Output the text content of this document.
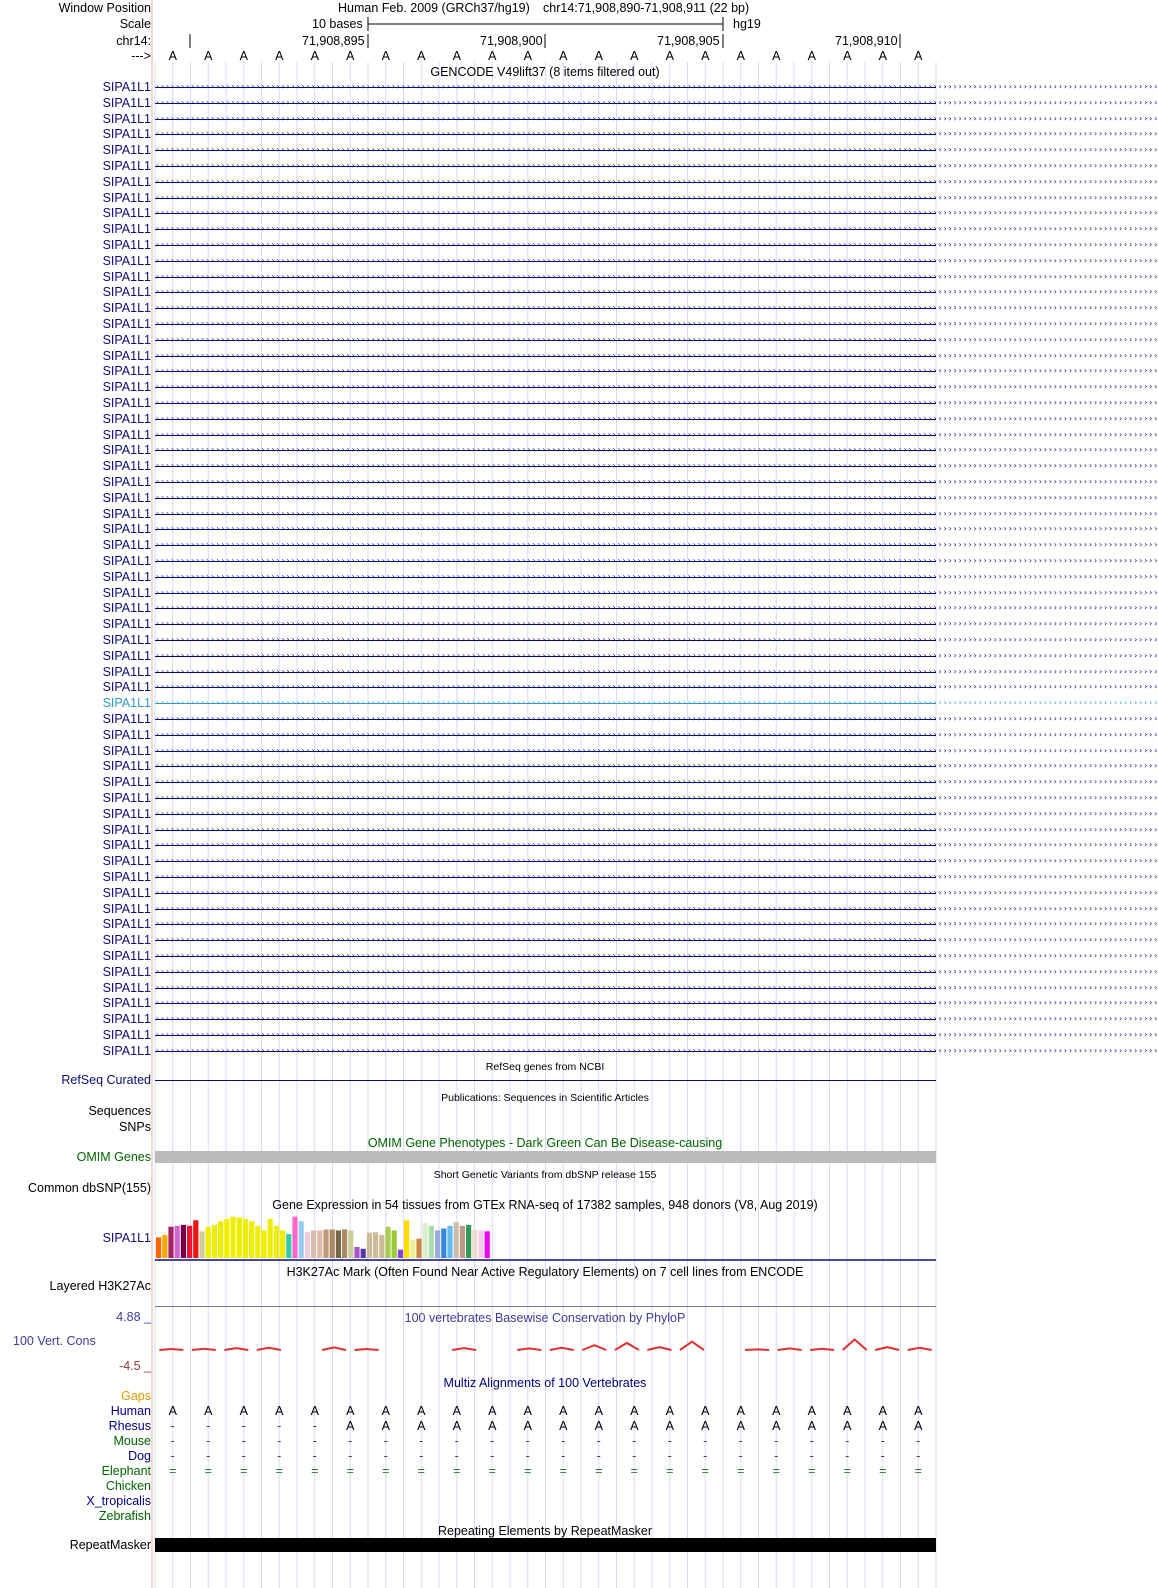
Window Position	Human Feb. 2009 (GRCh37/hg19) chr14:71,908,890-71,908,911 (22 bp)
Scale	10 bases	hg19
chr14:	71,908,895	71,908,900	71,908,905	71,908,910
--->	A	A	A	A	A	A	A	A	A	A	A	A	A	A	A	A	A	A	A	A	A	A
GENCODE V49lift37 (8 items filtered out)
SIPA1L1 ››››››››››››››››››››››››››››››››››››››››››››››››››››››››››››››››››››››››››››››››››››››››››››››››››››››››››››››››››››››››››››››››››››››››››››››››››››››››››››››››››››››››››››››››››››››››››››››››››››››››
SIPA1L1 ››››››››››››››››››››››››››››››››››››››››››››››››››››››››››››››››››››››››››››››››››››››››››››››››››››››››››››››››››››››››››››››››››››››››››››››››››››››››››››››››››››››››››››››››››››››››››››››››››››››››
SIPA1L1 ››››››››››››››››››››››››››››››››››››››››››››››››››››››››››››››››››››››››››››››››››››››››››››››››››››››››››››››››››››››››››››››››››››››››››››››››››››››››››››››››››››››››››››››››››››››››››››››››››››››››
SIPA1L1 ››››››››››››››››››››››››››››››››››››››››››››››››››››››››››››››››››››››››››››››››››››››››››››››››››››››››››››››››››››››››››››››››››››››››››››››››››››››››››››››››››››››››››››››››››››››››››››››››››››››››
SIPA1L1 ››››››››››››››››››››››››››››››››››››››››››››››››››››››››››››››››››››››››››››››››››››››››››››››››››››››››››››››››››››››››››››››››››››››››››››››››››››››››››››››››››››››››››››››››››››››››››››››››››››››››
SIPA1L1 ››››››››››››››››››››››››››››››››››››››››››››››››››››››››››››››››››››››››››››››››››››››››››››››››››››››››››››››››››››››››››››››››››››››››››››››››››››››››››››››››››››››››››››››››››››››››››››››››››››››››
SIPA1L1 ››››››››››››››››››››››››››››››››››››››››››››››››››››››››››››››››››››››››››››››››››››››››››››››››››››››››››››››››››››››››››››››››››››››››››››››››››››››››››››››››››››››››››››››››››››››››››››››››››››››››
SIPA1L1 ››››››››››››››››››››››››››››››››››››››››››››››››››››››››››››››››››››››››››››››››››››››››››››››››››››››››››››››››››››››››››››››››››››››››››››››››››››››››››››››››››››››››››››››››››››››››››››››››››››››››
SIPA1L1 ››››››››››››››››››››››››››››››››››››››››››››››››››››››››››››››››››››››››››››››››››››››››››››››››››››››››››››››››››››››››››››››››››››››››››››››››››››››››››››››››››››››››››››››››››››››››››››››››››››››››
SIPA1L1 ››››››››››››››››››››››››››››››››››››››››››››››››››››››››››››››››››››››››››››››››››››››››››››››››››››››››››››››››››››››››››››››››››››››››››››››››››››››››››››››››››››››››››››››››››››››››››››››››››››››››
SIPA1L1 ››››››››››››››››››››››››››››››››››››››››››››››››››››››››››››››››››››››››››››››››››››››››››››››››››››››››››››››››››››››››››››››››››››››››››››››››››››››››››››››››››››››››››››››››››››››››››››››››››››››››
SIPA1L1 ››››››››››››››››››››››››››››››››››››››››››››››››››››››››››››››››››››››››››››››››››››››››››››››››››››››››››››››››››››››››››››››››››››››››››››››››››››››››››››››››››››››››››››››››››››››››››››››››››››››››
SIPA1L1 ››››››››››››››››››››››››››››››››››››››››››››››››››››››››››››››››››››››››››››››››››››››››››››››››››››››››››››››››››››››››››››››››››››››››››››››››››››››››››››››››››››››››››››››››››››››››››››››››››››››››
SIPA1L1 ››››››››››››››››››››››››››››››››››››››››››››››››››››››››››››››››››››››››››››››››››››››››››››››››››››››››››››››››››››››››››››››››››››››››››››››››››››››››››››››››››››››››››››››››››››››››››››››››››››››››
SIPA1L1 ››››››››››››››››››››››››››››››››››››››››››››››››››››››››››››››››››››››››››››››››››››››››››››››››››››››››››››››››››››››››››››››››››››››››››››››››››››››››››››››››››››››››››››››››››››››››››››››››››››››››
SIPA1L1 ››››››››››››››››››››››››››››››››››››››››››››››››››››››››››››››››››››››››››››››››››››››››››››››››››››››››››››››››››››››››››››››››››››››››››››››››››››››››››››››››››››››››››››››››››››››››››››››››››››››››
SIPA1L1 ››››››››››››››››››››››››››››››››››››››››››››››››››››››››››››››››››››››››››››››››››››››››››››››››››››››››››››››››››››››››››››››››››››››››››››››››››››››››››››››››››››››››››››››››››››››››››››››››››››››››
SIPA1L1 ››››››››››››››››››››››››››››››››››››››››››››››››››››››››››››››››››››››››››››››››››››››››››››››››››››››››››››››››››››››››››››››››››››››››››››››››››››››››››››››››››››››››››››››››››››››››››››››››››››››››
SIPA1L1 ››››››››››››››››››››››››››››››››››››››››››››››››››››››››››››››››››››››››››››››››››››››››››››››››››››››››››››››››››››››››››››››››››››››››››››››››››››››››››››››››››››››››››››››››››››››››››››››››››››››››
SIPA1L1 ››››››››››››››››››››››››››››››››››››››››››››››››››››››››››››››››››››››››››››››››››››››››››››››››››››››››››››››››››››››››››››››››››››››››››››››››››››››››››››››››››››››››››››››››››››››››››››››››››››››››
SIPA1L1 ››››››››››››››››››››››››››››››››››››››››››››››››››››››››››››››››››››››››››››››››››››››››››››››››››››››››››››››››››››››››››››››››››››››››››››››››››››››››››››››››››››››››››››››››››››››››››››››››››››››››
SIPA1L1 ››››››››››››››››››››››››››››››››››››››››››››››››››››››››››››››››››››››››››››››››››››››››››››››››››››››››››››››››››››››››››››››››››››››››››››››››››››››››››››››››››››››››››››››››››››››››››››››››››››››››
SIPA1L1 ››››››››››››››››››››››››››››››››››››››››››››››››››››››››››››››››››››››››››››››››››››››››››››››››››››››››››››››››››››››››››››››››››››››››››››››››››››››››››››››››››››››››››››››››››››››››››››››››››››››››
SIPA1L1 ››››››››››››››››››››››››››››››››››››››››››››››››››››››››››››››››››››››››››››››››››››››››››››››››››››››››››››››››››››››››››››››››››››››››››››››››››››››››››››››››››››››››››››››››››››››››››››››››››››››››
SIPA1L1 ››››››››››››››››››››››››››››››››››››››››››››››››››››››››››››››››››››››››››››››››››››››››››››››››››››››››››››››››››››››››››››››››››››››››››››››››››››››››››››››››››››››››››››››››››››››››››››››››››››››››
SIPA1L1 ››››››››››››››››››››››››››››››››››››››››››››››››››››››››››››››››››››››››››››››››››››››››››››››››››››››››››››››››››››››››››››››››››››››››››››››››››››››››››››››››››››››››››››››››››››››››››››››››››››››››
SIPA1L1 ››››››››››››››››››››››››››››››››››››››››››››››››››››››››››››››››››››››››››››››››››››››››››››››››››››››››››››››››››››››››››››››››››››››››››››››››››››››››››››››››››››››››››››››››››››››››››››››››››››››››
SIPA1L1 ››››››››››››››››››››››››››››››››››››››››››››››››››››››››››››››››››››››››››››››››››››››››››››››››››››››››››››››››››››››››››››››››››››››››››››››››››››››››››››››››››››››››››››››››››››››››››››››››››››››››
SIPA1L1 ››››››››››››››››››››››››››››››››››››››››››››››››››››››››››››››››››››››››››››››››››››››››››››››››››››››››››››››››››››››››››››››››››››››››››››››››››››››››››››››››››››››››››››››››››››››››››››››››››››››››
SIPA1L1 ››››››››››››››››››››››››››››››››››››››››››››››››››››››››››››››››››››››››››››››››››››››››››››››››››››››››››››››››››››››››››››››››››››››››››››››››››››››››››››››››››››››››››››››››››››››››››››››››››››››››
SIPA1L1 ››››››››››››››››››››››››››››››››››››››››››››››››››››››››››››››››››››››››››››››››››››››››››››››››››››››››››››››››››››››››››››››››››››››››››››››››››››››››››››››››››››››››››››››››››››››››››››››››››››››››
SIPA1L1 ››››››››››››››››››››››››››››››››››››››››››››››››››››››››››››››››››››››››››››››››››››››››››››››››››››››››››››››››››››››››››››››››››››››››››››››››››››››››››››››››››››››››››››››››››››››››››››››››››››››››
SIPA1L1 ››››››››››››››››››››››››››››››››››››››››››››››››››››››››››››››››››››››››››››››››››››››››››››››››››››››››››››››››››››››››››››››››››››››››››››››››››››››››››››››››››››››››››››››››››››››››››››››››››››››››
SIPA1L1 ››››››››››››››››››››››››››››››››››››››››››››››››››››››››››››››››››››››››››››››››››››››››››››››››››››››››››››››››››››››››››››››››››››››››››››››››››››››››››››››››››››››››››››››››››››››››››››››››››››››››
SIPA1L1 ››››››››››››››››››››››››››››››››››››››››››››››››››››››››››››››››››››››››››››››››››››››››››››››››››››››››››››››››››››››››››››››››››››››››››››››››››››››››››››››››››››››››››››››››››››››››››››››››››››››››
SIPA1L1 ››››››››››››››››››››››››››››››››››››››››››››››››››››››››››››››››››››››››››››››››››››››››››››››››››››››››››››››››››››››››››››››››››››››››››››››››››››››››››››››››››››››››››››››››››››››››››››››››››››››››
SIPA1L1 ››››››››››››››››››››››››››››››››››››››››››››››››››››››››››››››››››››››››››››››››››››››››››››››››››››››››››››››››››››››››››››››››››››››››››››››››››››››››››››››››››››››››››››››››››››››››››››››››››››››››
SIPA1L1 ››››››››››››››››››››››››››››››››››››››››››››››››››››››››››››››››››››››››››››››››››››››››››››››››››››››››››››››››››››››››››››››››››››››››››››››››››››››››››››››››››››››››››››››››››››››››››››››››››››››››
SIPA1L1 ››››››››››››››››››››››››››››››››››››››››››››››››››››››››››››››››››››››››››››››››››››››››››››››››››››››››››››››››››››››››››››››››››››››››››››››››››››››››››››››››››››››››››››››››››››››››››››››››››››››››
SIPA1L1 ››››››››››››››››››››››››››››››››››››››››››››››››››››››››››››››››››››››››››››››››››››››››››››››››››››››››››››››››››››››››››››››››››››››››››››››››››››››››››››››››››››››››››››››››››››››››››››››››››››››››
SIPA1L1 ››››››››››››››››››››››››››››››››››››››››››››››››››››››››››››››››››››››››››››››››››››››››››››››››››››››››››››››››››››››››››››››››››››››››››››››››››››››››››››››››››››››››››››››››››››››››››››››››››››››››
SIPA1L1 ››››››››››››››››››››››››››››››››››››››››››››››››››››››››››››››››››››››››››››››››››››››››››››››››››››››››››››››››››››››››››››››››››››››››››››››››››››››››››››››››››››››››››››››››››››››››››››››››››››››››
SIPA1L1 ››››››››››››››››››››››››››››››››››››››››››››››››››››››››››››››››››››››››››››››››››››››››››››››››››››››››››››››››››››››››››››››››››››››››››››››››››››››››››››››››››››››››››››››››››››››››››››››››››››››››
SIPA1L1 ››››››››››››››››››››››››››››››››››››››››››››››››››››››››››››››››››››››››››››››››››››››››››››››››››››››››››››››››››››››››››››››››››››››››››››››››››››››››››››››››››››››››››››››››››››››››››››››››››››››››
SIPA1L1 ››››››››››››››››››››››››››››››››››››››››››››››››››››››››››››››››››››››››››››››››››››››››››››››››››››››››››››››››››››››››››››››››››››››››››››››››››››››››››››››››››››››››››››››››››››››››››››››››››››››››
SIPA1L1 ››››››››››››››››››››››››››››››››››››››››››››››››››››››››››››››››››››››››››››››››››››››››››››››››››››››››››››››››››››››››››››››››››››››››››››››››››››››››››››››››››››››››››››››››››››››››››››››››››››››››
SIPA1L1 ››››››››››››››››››››››››››››››››››››››››››››››››››››››››››››››››››››››››››››››››››››››››››››››››››››››››››››››››››››››››››››››››››››››››››››››››››››››››››››››››››››››››››››››››››››››››››››››››››››››››
SIPA1L1 ››››››››››››››››››››››››››››››››››››››››››››››››››››››››››››››››››››››››››››››››››››››››››››››››››››››››››››››››››››››››››››››››››››››››››››››››››››››››››››››››››››››››››››››››››››››››››››››››››››››››
SIPA1L1 ››››››››››››››››››››››››››››››››››››››››››››››››››››››››››››››››››››››››››››››››››››››››››››››››››››››››››››››››››››››››››››››››››››››››››››››››››››››››››››››››››››››››››››››››››››››››››››››››››››››››
SIPA1L1 ››››››››››››››››››››››››››››››››››››››››››››››››››››››››››››››››››››››››››››››››››››››››››››››››››››››››››››››››››››››››››››››››››››››››››››››››››››››››››››››››››››››››››››››››››››››››››››››››››››››››
SIPA1L1 ››››››››››››››››››››››››››››››››››››››››››››››››››››››››››››››››››››››››››››››››››››››››››››››››››››››››››››››››››››››››››››››››››››››››››››››››››››››››››››››››››››››››››››››››››››››››››››››››››››››››
SIPA1L1 ››››››››››››››››››››››››››››››››››››››››››››››››››››››››››››››››››››››››››››››››››››››››››››››››››››››››››››››››››››››››››››››››››››››››››››››››››››››››››››››››››››››››››››››››››››››››››››››››››››››››
SIPA1L1 ››››››››››››››››››››››››››››››››››››››››››››››››››››››››››››››››››››››››››››››››››››››››››››››››››››››››››››››››››››››››››››››››››››››››››››››››››››››››››››››››››››››››››››››››››››››››››››››››››››››››
SIPA1L1 ››››››››››››››››››››››››››››››››››››››››››››››››››››››››››››››››››››››››››››››››››››››››››››››››››››››››››››››››››››››››››››››››››››››››››››››››››››››››››››››››››››››››››››››››››››››››››››››››››››››››
SIPA1L1 ››››››››››››››››››››››››››››››››››››››››››››››››››››››››››››››››››››››››››››››››››››››››››››››››››››››››››››››››››››››››››››››››››››››››››››››››››››››››››››››››››››››››››››››››››››››››››››››››››››››››
SIPA1L1 ››››››››››››››››››››››››››››››››››››››››››››››››››››››››››››››››››››››››››››››››››››››››››››››››››››››››››››››››››››››››››››››››››››››››››››››››››››››››››››››››››››››››››››››››››››››››››››››››››››››››
SIPA1L1 ››››››››››››››››››››››››››››››››››››››››››››››››››››››››››››››››››››››››››››››››››››››››››››››››››››››››››››››››››››››››››››››››››››››››››››››››››››››››››››››››››››››››››››››››››››››››››››››››››››››››
SIPA1L1 ››››››››››››››››››››››››››››››››››››››››››››››››››››››››››››››››››››››››››››››››››››››››››››››››››››››››››››››››››››››››››››››››››››››››››››››››››››››››››››››››››››››››››››››››››››››››››››››››››››››››
SIPA1L1 ››››››››››››››››››››››››››››››››››››››››››››››››››››››››››››››››››››››››››››››››››››››››››››››››››››››››››››››››››››››››››››››››››››››››››››››››››››››››››››››››››››››››››››››››››››››››››››››››››››››››
SIPA1L1 ››››››››››››››››››››››››››››››››››››››››››››››››››››››››››››››››››››››››››››››››››››››››››››››››››››››››››››››››››››››››››››››››››››››››››››››››››››››››››››››››››››››››››››››››››››››››››››››››››››››››
SIPA1L1 ››››››››››››››››››››››››››››››››››››››››››››››››››››››››››››››››››››››››››››››››››››››››››››››››››››››››››››››››››››››››››››››››››››››››››››››››››››››››››››››››››››››››››››››››››››››››››››››››››››››››
SIPA1L1 ››››››››››››››››››››››››››››››››››››››››››››››››››››››››››››››››››››››››››››››››››››››››››››››››››››››››››››››››››››››››››››››››››››››››››››››››››››››››››››››››››››››››››››››››››››››››››››››››››››››››
RefSeq genes from NCBI
RefSeq Curated
Publications: Sequences in Scientific Articles
Sequences
SNPs
OMIM Gene Phenotypes - Dark Green Can Be Disease-causing
OMIM Genes
Short Genetic Variants from dbSNP release 155
Common dbSNP(155)
Gene Expression in 54 tissues from GTEx RNA-seq of 17382 samples, 948 donors (V8, Aug 2019)
SIPA1L1
H3K27Ac Mark (Often Found Near Active Regulatory Elements) on 7 cell lines from ENCODE
Layered H3K27Ac
100 vertebrates Basewise Conservation by PhyloP
4.88 _
100 Vert. Cons
-4.5 _
Multiz Alignments of 100 Vertebrates
Gaps
Human	A	A	A	A	A	A	A	A	A	A	A	A	A	A	A	A	A	A	A	A	A	A
Rhesus	-	-	-	-	-	A	A	A	A	A	A	A	A	A	A	A	A	A	A	A	A	A
Mouse	-	-	-	-	-	-	-	-	-	-	-	-	-	-	-	-	-	-	-	-	-	-
Dog	-	-	-	-	-	-	-	-	-	-	-	-	-	-	-	-	-	-	-	-	-	-
Elephant	=	=	=	=	=	=	=	=	=	=	=	=	=	=	=	=	=	=	=	=	=	=
Chicken
X_tropicalis
Zebrafish
Repeating Elements by RepeatMasker
RepeatMasker
